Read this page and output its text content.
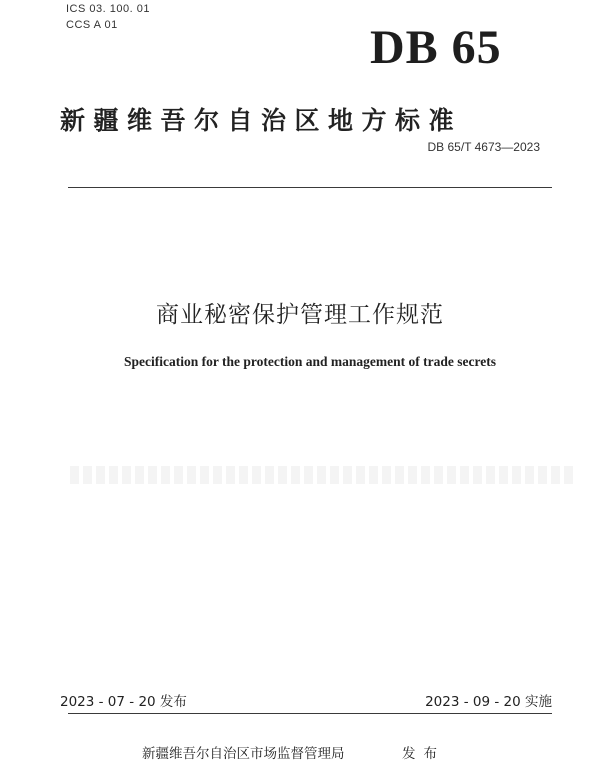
ICS 03. 100. 01
CCS A 01	DB 65
新疆维吾尔自治区地方标准
DB 65/T 4673—2023
商业秘密保护管理工作规范
Specification for the protection and management of trade secrets
2023 - 07 - 20 发布	2023 - 09 - 20 实施
新疆维吾尔自治区市场监督管理局	发布
